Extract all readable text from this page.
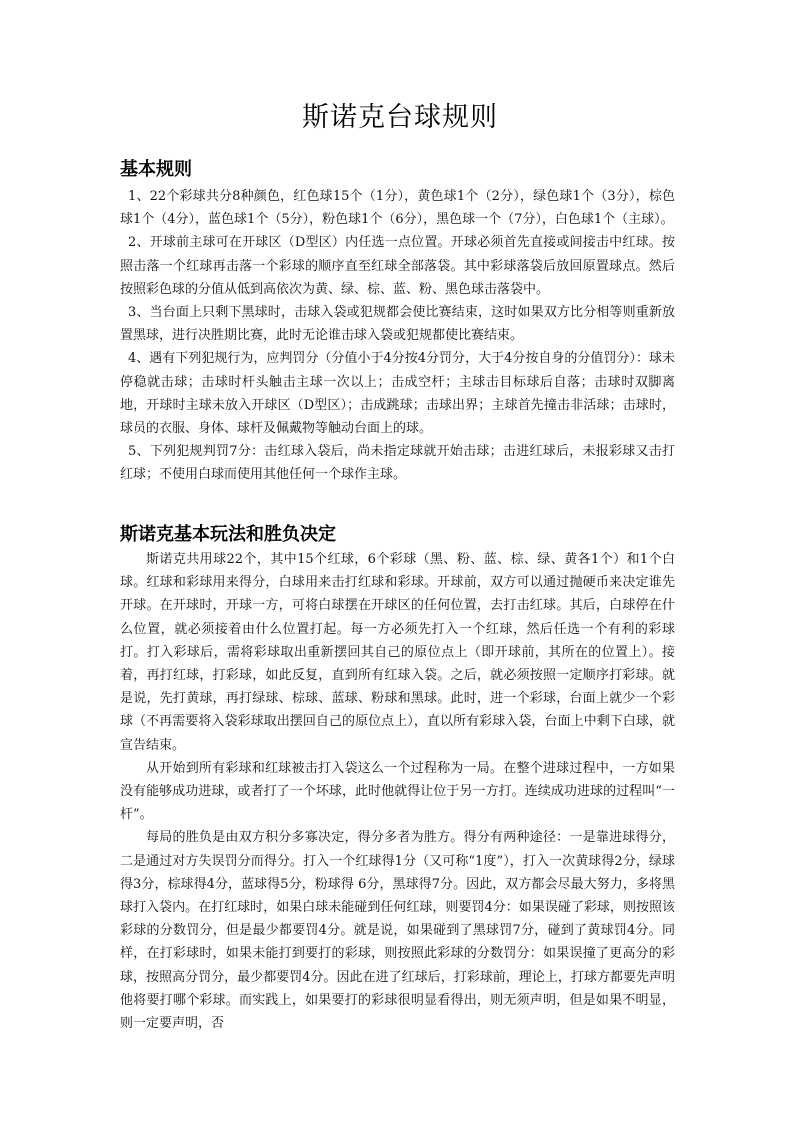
斯诺克台球规则
基本规则

1、22个彩球共分8种颜色，红色球15个（1分），黄色球1个（2分），绿色球1个（3分），棕色球1个（4分），蓝色球1个（5分），粉色球1个（6分），黑色球一个（7分），白色球1个（主球）。

2、开球前主球可在开球区（D型区）内任选一点位置。开球必须首先直接或间接击中红球。按照击落一个红球再击落一个彩球的顺序直至红球全部落袋。其中彩球落袋后放回原置球点。然后按照彩色球的分值从低到高依次为黄、绿、棕、蓝、粉、黑色球击落袋中。

3、当台面上只剩下黑球时，击球入袋或犯规都会使比赛结束，这时如果双方比分相等则重新放置黑球，进行决胜期比赛，此时无论谁击球入袋或犯规都使比赛结束。

4、遇有下列犯规行为，应判罚分（分值小于4分按4分罚分，大于4分按自身的分值罚分）：球未停稳就击球；击球时杆头触击主球一次以上；击成空杆；主球击目标球后自落；击球时双脚离地，开球时主球未放入开球区（D型区）；击成跳球；击球出界；主球首先撞击非活球；击球时，球员的衣服、身体、球杆及佩戴物等触动台面上的球。

5、下列犯规判罚7分：击红球入袋后，尚未指定球就开始击球；击进红球后，未报彩球又击打红球；不使用白球而使用其他任何一个球作主球。

斯诺克基本玩法和胜负决定

斯诺克共用球22个，其中15个红球，6个彩球（黑、粉、蓝、棕、绿、黄各1个）和1个白球。红球和彩球用来得分，白球用来击打红球和彩球。开球前，双方可以通过抛硬币来决定谁先开球。在开球时，开球一方，可将白球摆在开球区的任何位置，去打击红球。其后，白球停在什么位置，就必须接着由什么位置打起。每一方必须先打入一个红球，然后任选一个有利的彩球打。打入彩球后，需将彩球取出重新摆回其自己的原位点上（即开球前，其所在的位置上）。接着，再打红球，打彩球，如此反复，直到所有红球入袋。之后，就必须按照一定顺序打彩球。就是说，先打黄球，再打绿球、棕球、蓝球、粉球和黑球。此时，进一个彩球，台面上就少一个彩球（不再需要将入袋彩球取出摆回自己的原位点上），直以所有彩球入袋，台面上中剩下白球，就宣告结束。

从开始到所有彩球和红球被击打入袋这么一个过程称为一局。在整个进球过程中，一方如果没有能够成功进球，或者打了一个坏球，此时他就得让位于另一方打。连续成功进球的过程叫“一杆”。

每局的胜负是由双方积分多寡决定，得分多者为胜方。得分有两种途径：一是靠进球得分，二是通过对方失误罚分而得分。打入一个红球得1分（又可称“1度”），打入一次黄球得2分，绿球得3分，棕球得4分，蓝球得5分，粉球得 6分，黑球得7分。因此，双方都会尽最大努力，多将黑球打入袋内。在打红球时，如果白球未能碰到任何红球，则要罚4分：如果误碰了彩球，则按照该彩球的分数罚分，但是最少都要罚4分。就是说，如果碰到了黑球罚7分，碰到了黄球罚4分。同样，在打彩球时，如果未能打到要打的彩球，则按照此彩球的分数罚分：如果误撞了更高分的彩球，按照高分罚分，最少都要罚4分。因此在进了红球后，打彩球前，理论上，打球方都要先声明他将要打哪个彩球。而实践上，如果要打的彩球很明显看得出，则无须声明，但是如果不明显，则一定要声明，否
